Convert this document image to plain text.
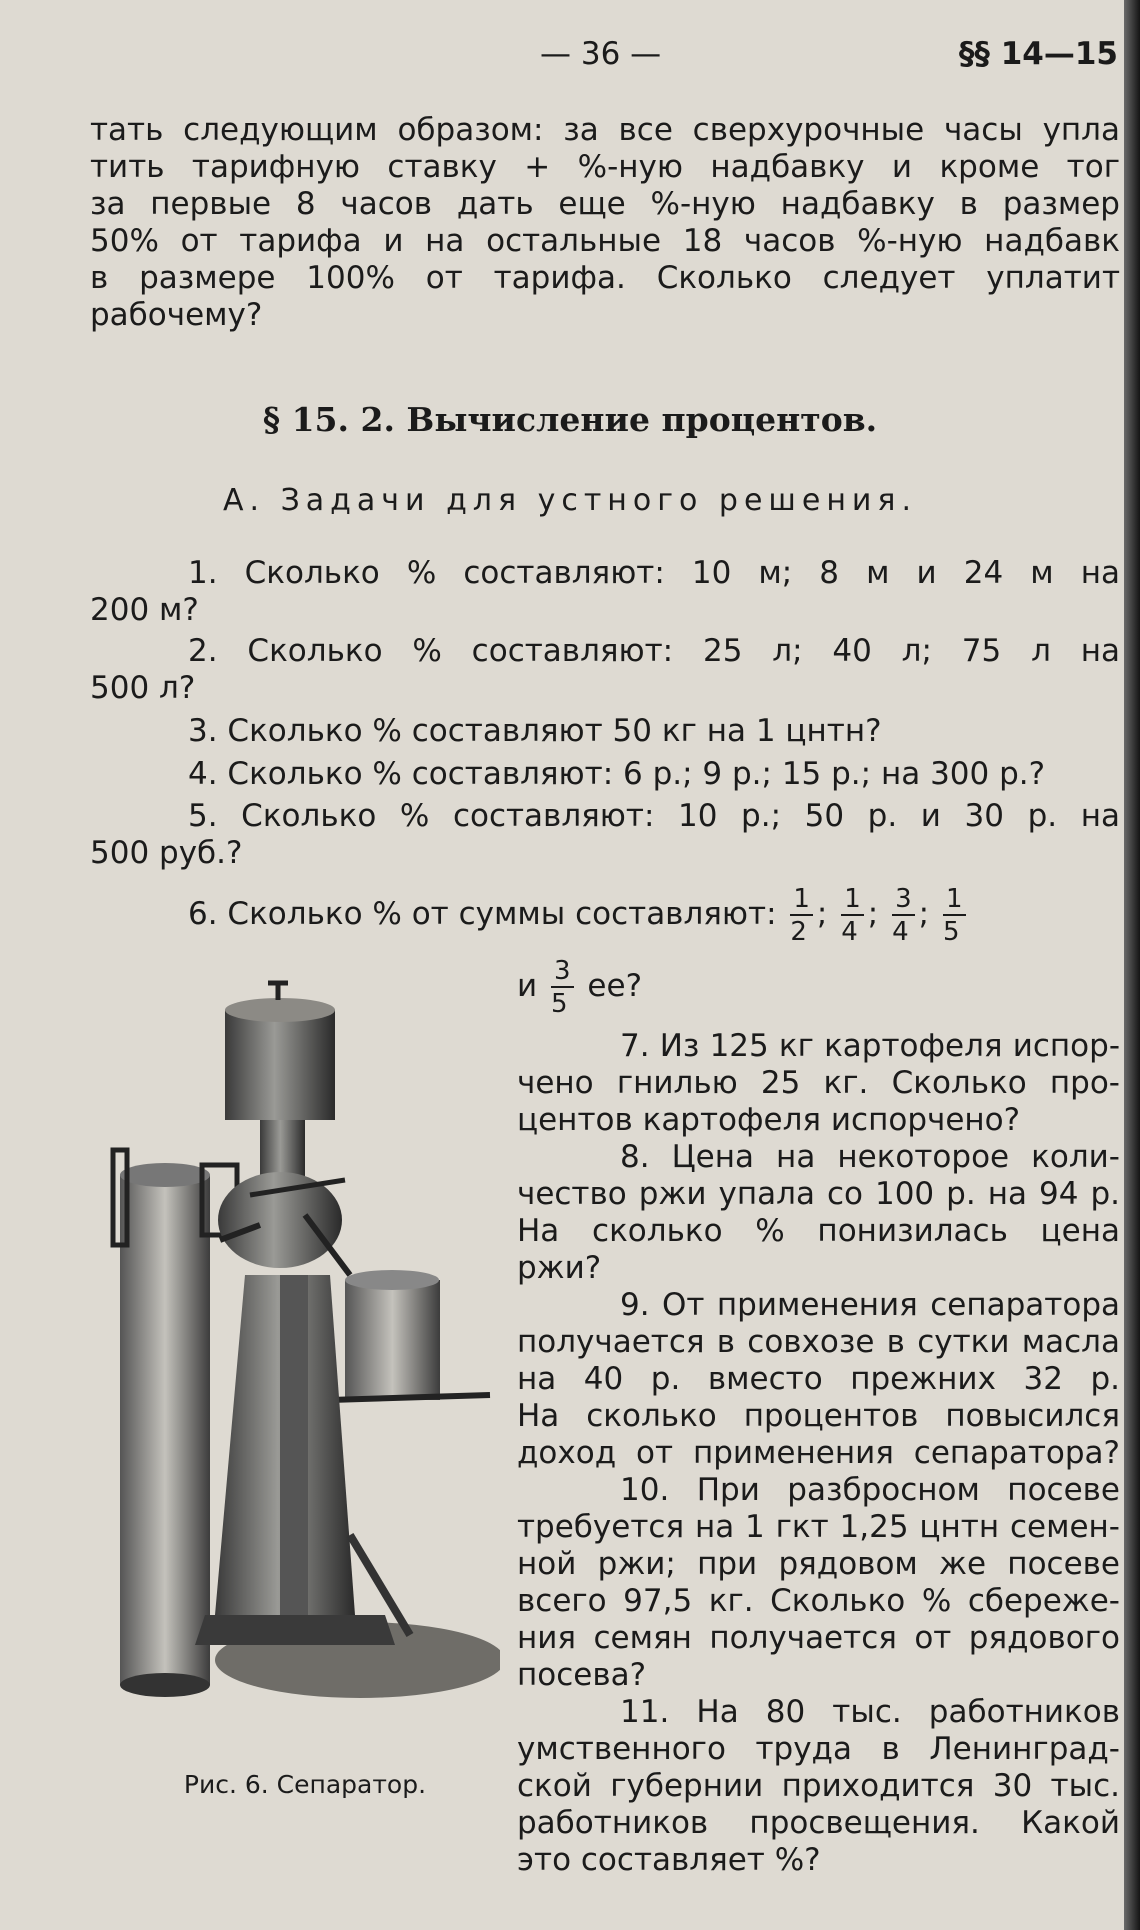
— 36 —	§§ 14—15
тать следующим образом: за все сверхурочные часы упла
тить тарифную ставку + %-ную надбавку и кроме тог
за первые 8 часов дать еще %-ную надбавку в размер
50% от тарифа и на остальные 18 часов %-ную надбавк
в размере 100% от тарифа. Сколько следует уплатит
рабочему?
§ 15. 2. Вычисление процентов.
А. Задачи для устного решения.
1. Сколько % составляют: 10 м; 8 м и 24 м на
200 м?
2. Сколько % составляют: 25 л; 40 л; 75 л на
500 л?
3. Сколько % составляют 50 кг на 1 цнтн?
4. Сколько % составляют: 6 р.; 9 р.; 15 р.; на 300 р.?
5. Сколько % составляют: 10 р.; 50 р. и 30 р. на
500 руб.?
6. Сколько % от суммы составляют: $\frac{1}{2}$ ; $\frac{1}{4}$ ; $\frac{3}{4}$ ; $\frac{1}{5}$
и $\frac{3}{5}$ ее?
7. Из 125 кг картофеля испор-
чено гнилью 25 кг. Сколько про-
центов картофеля испорчено?
8. Цена на некоторое коли-
чество ржи упала со 100 р. на 94 р.
На сколько % понизилась цена
ржи?
9. От применения сепаратора
получается в совхозе в сутки масла
на 40 р. вместо прежних 32 р.
На сколько процентов повысился
доход от применения сепаратора?
10. При разбросном посеве
требуется на 1 гкт 1,25 цнтн семен-
ной ржи; при рядовом же посеве
всего 97,5 кг. Сколько % сбереже-
ния семян получается от рядового
посева?
11. На 80 тыс. работников
умственного труда в Ленинград-
ской губернии приходится 30 тыс.
работников просвещения. Какой
это составляет %?
Рис. 6. Сепаратор.
